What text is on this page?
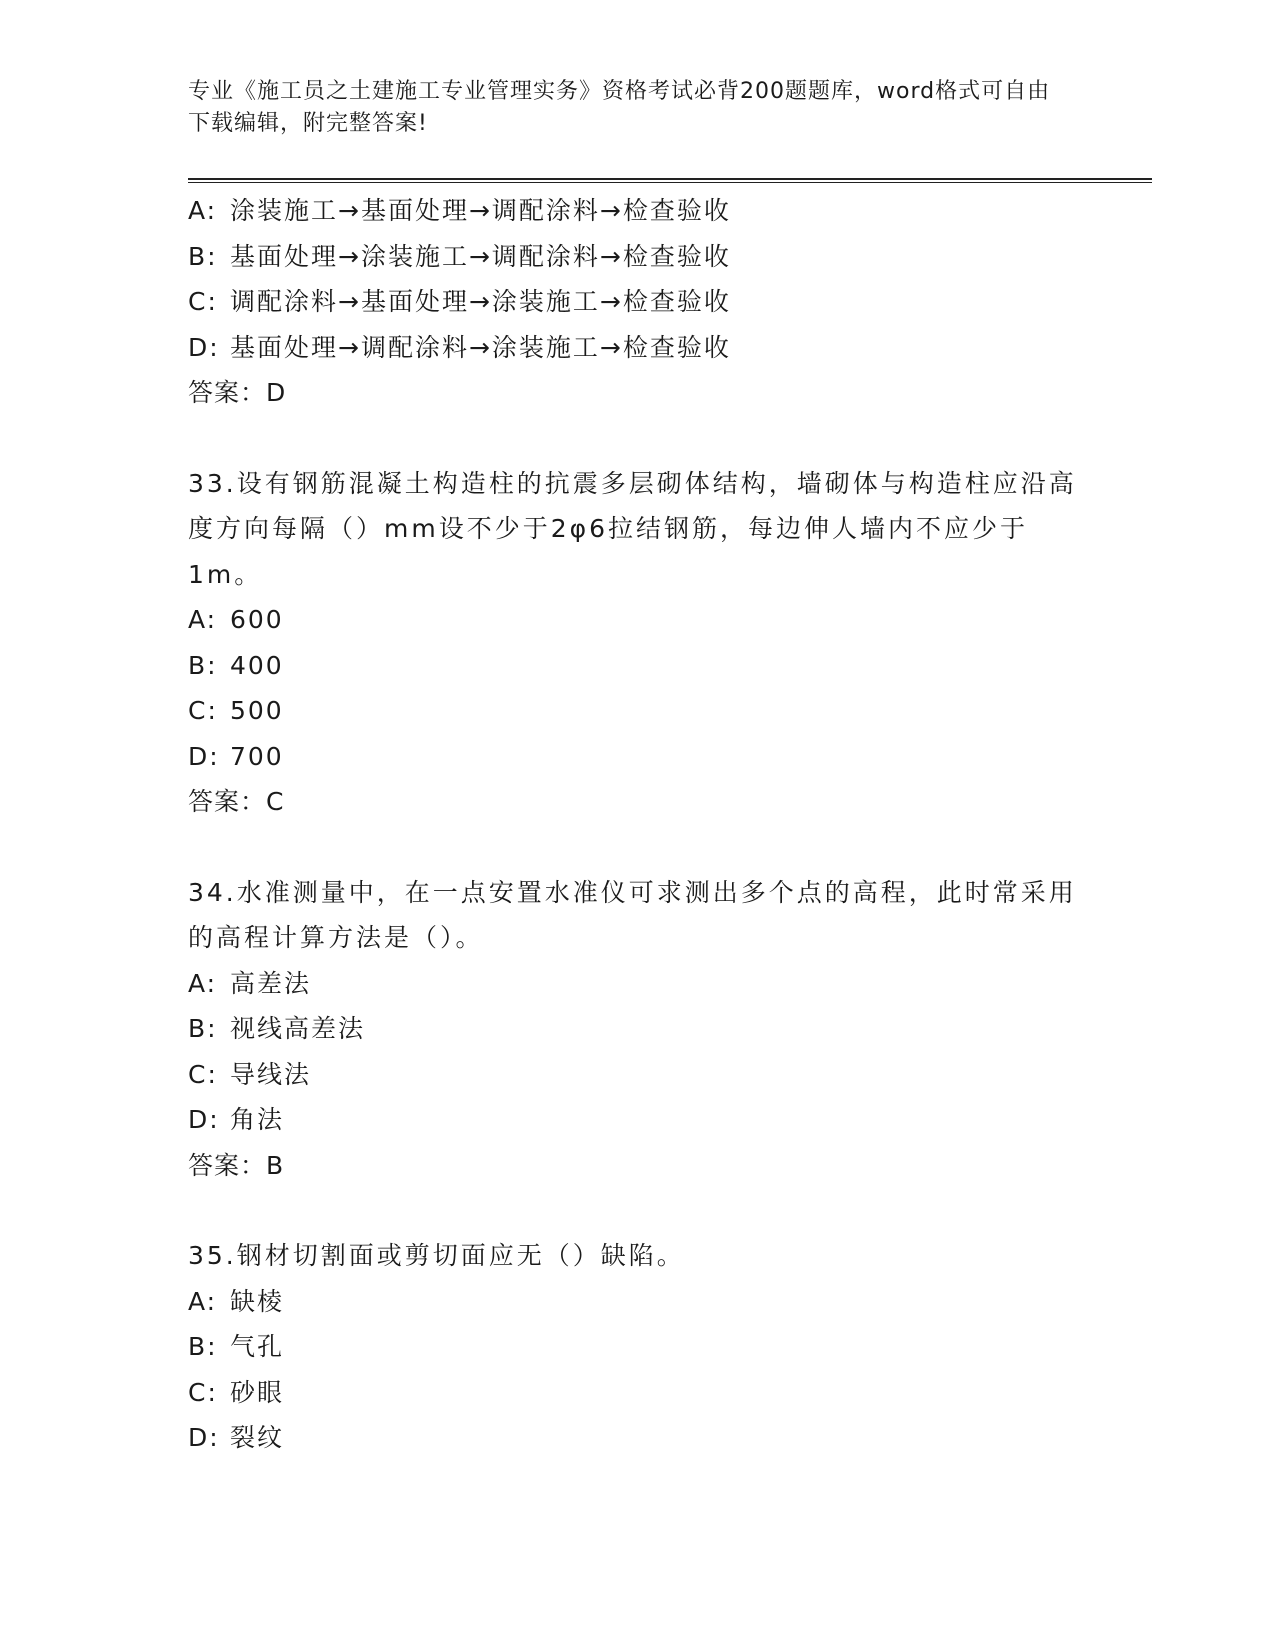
专业《施工员之土建施工专业管理实务》资格考试必背200题题库，word格式可自由下载编辑，附完整答案!
A: 涂装施工→基面处理→调配涂料→检查验收
B: 基面处理→涂装施工→调配涂料→检查验收
C: 调配涂料→基面处理→涂装施工→检查验收
D: 基面处理→调配涂料→涂装施工→检查验收
答案：D
33.设有钢筋混凝土构造柱的抗震多层砌体结构，墙砌体与构造柱应沿高度方向每隔（）mm设不少于2φ6拉结钢筋，每边伸人墙内不应少于1m。
A: 600
B: 400
C: 500
D: 700
答案：C
34.水准测量中，在一点安置水准仪可求测出多个点的高程，此时常采用的高程计算方法是（）。
A: 高差法
B: 视线高差法
C: 导线法
D: 角法
答案：B
35.钢材切割面或剪切面应无（）缺陷。
A: 缺棱
B: 气孔
C: 砂眼
D: 裂纹
